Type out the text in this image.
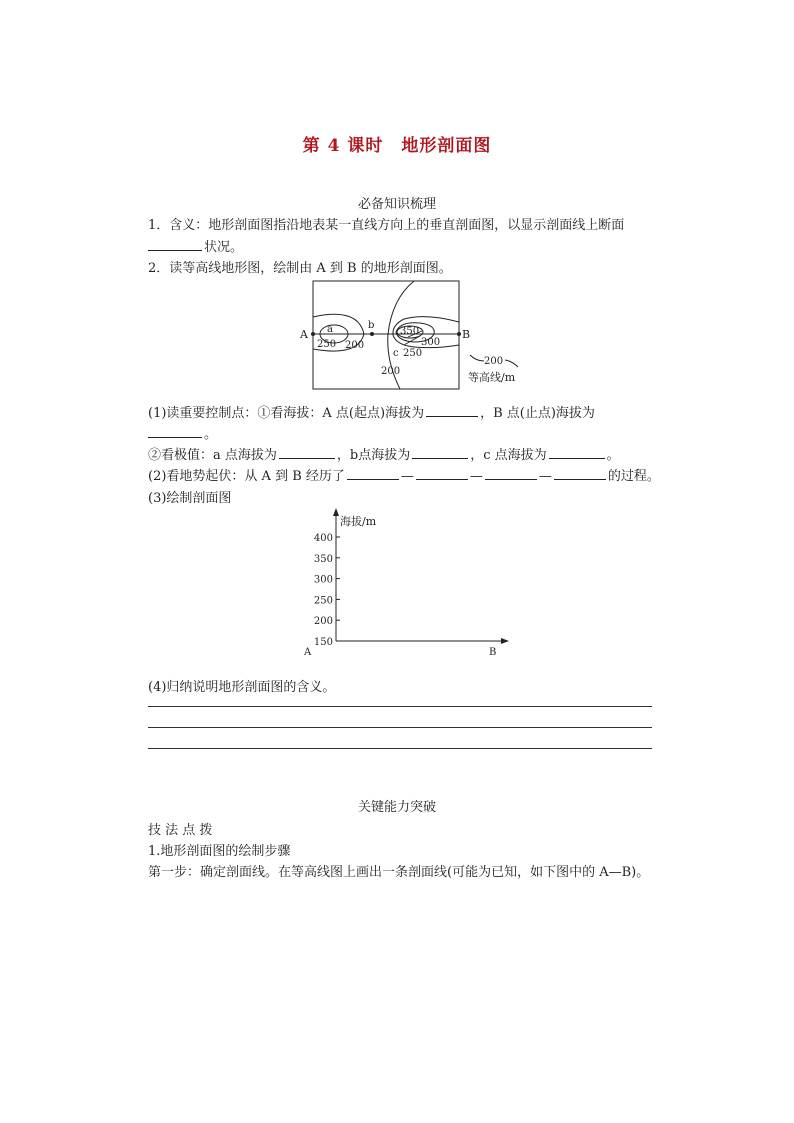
第 4 课时　地形剖面图
必备知识梳理
1．含义：地形剖面图指沿地表某一直线方向上的垂直剖面图，以显示剖面线上断面
状况。
2．读等高线地形图，绘制由 A 到 B 的地形剖面图。
A	B
a	b
c
250 200
350
300
250
200
200
等高线/m
(1)读重要控制点：①看海拔：A 点(起点)海拔为	，B 点(止点)海拔为
。
②看极值：a 点海拔为	，b点海拔为	，c 点海拔为	。
(2)看地势起伏：从 A 到 B 经历了	—	—	—	的过程。
(3)绘制剖面图
海拔/m
400
350
300
250
200
150
A	B
(4)归纳说明地形剖面图的含义。
关键能力突破
技 法 点 拨
1.地形剖面图的绘制步骤
第一步：确定剖面线。在等高线图上画出一条剖面线(可能为已知，如下图中的 A—B)。
